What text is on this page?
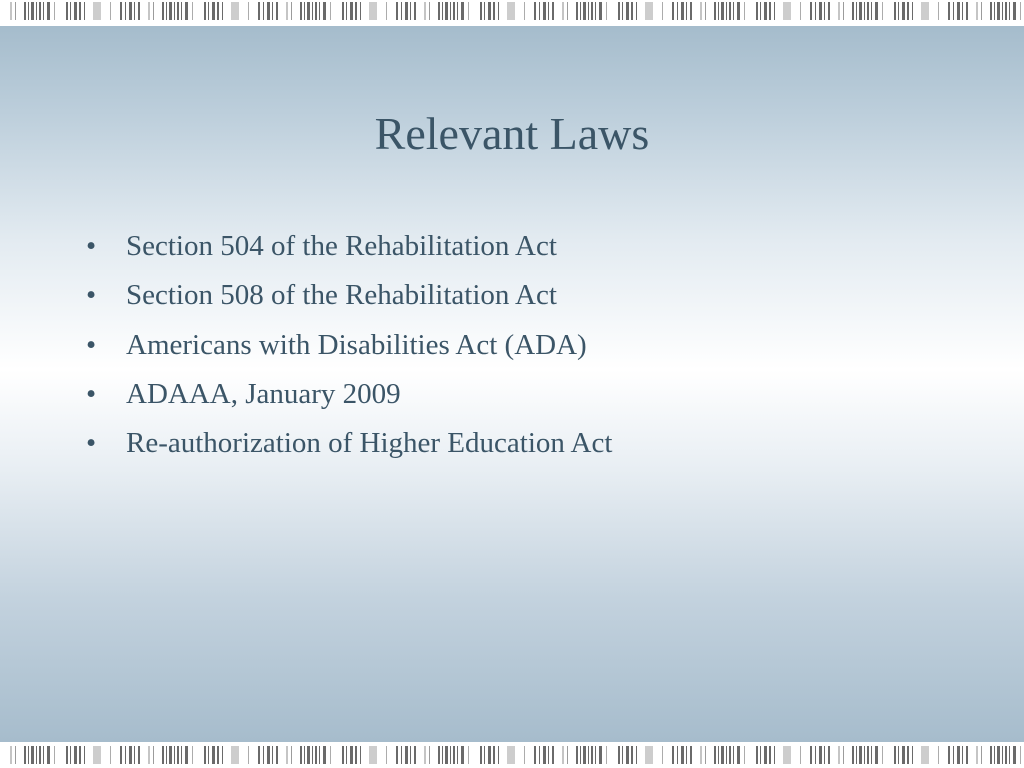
Relevant Laws
• Section 504 of the Rehabilitation Act
• Section 508 of the Rehabilitation Act
• Americans with Disabilities Act (ADA)
• ADAAA, January 2009
• Re-authorization of Higher Education Act
